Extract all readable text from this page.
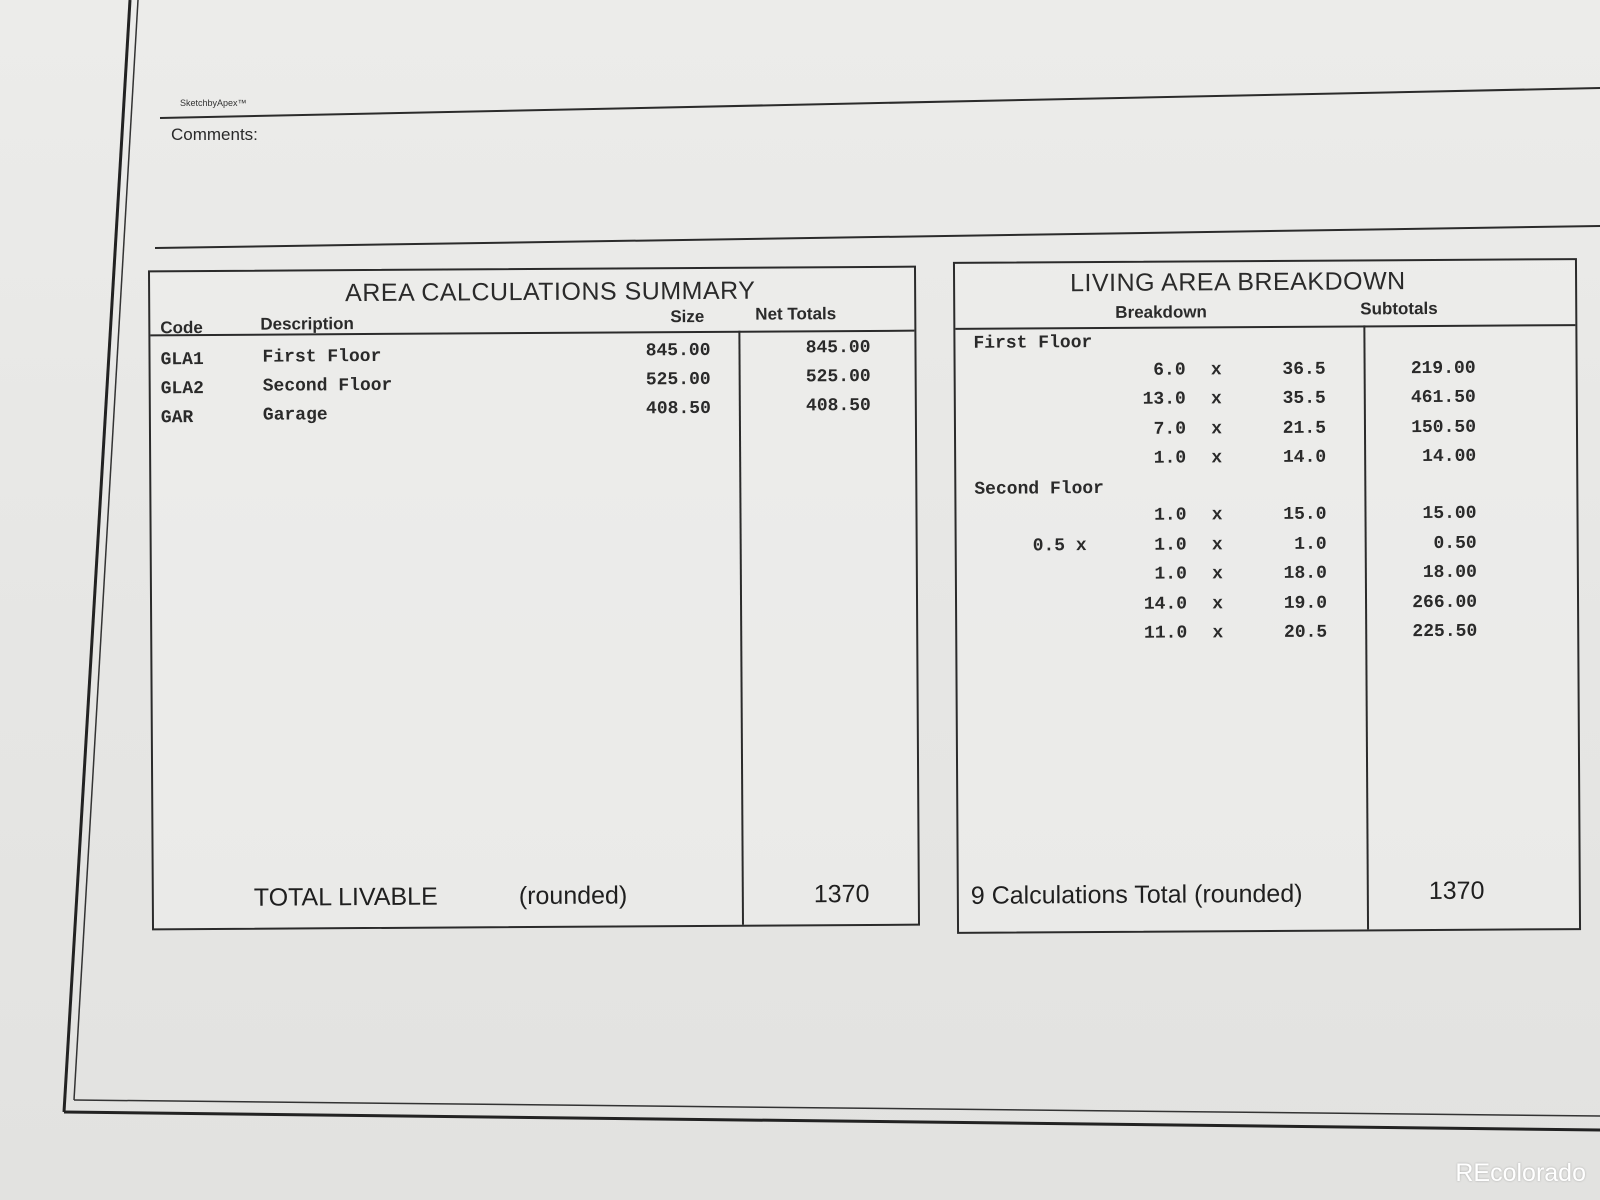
SketchbyApex™
Comments:
AREA CALCULATIONS SUMMARY
Code	Description	Size	Net Totals
GLA1	First Floor	845.00	845.00
GLA2	Second Floor	525.00	525.00
GAR	Garage	408.50	408.50
TOTAL LIVABLE	(rounded)	1370
LIVING AREA BREAKDOWN
Breakdown	Subtotals
First Floor
6.0	x	36.5	219.00
13.0	x	35.5	461.50
7.0	x	21.5	150.50
1.0	x	14.0	14.00
Second Floor
1.0	x	15.0	15.00
0.5 x	1.0	x	1.0	0.50
1.0	x	18.0	18.00
14.0	x	19.0	266.00
11.0	x	20.5	225.50
9 Calculations Total (rounded)	1370
REcolorado
